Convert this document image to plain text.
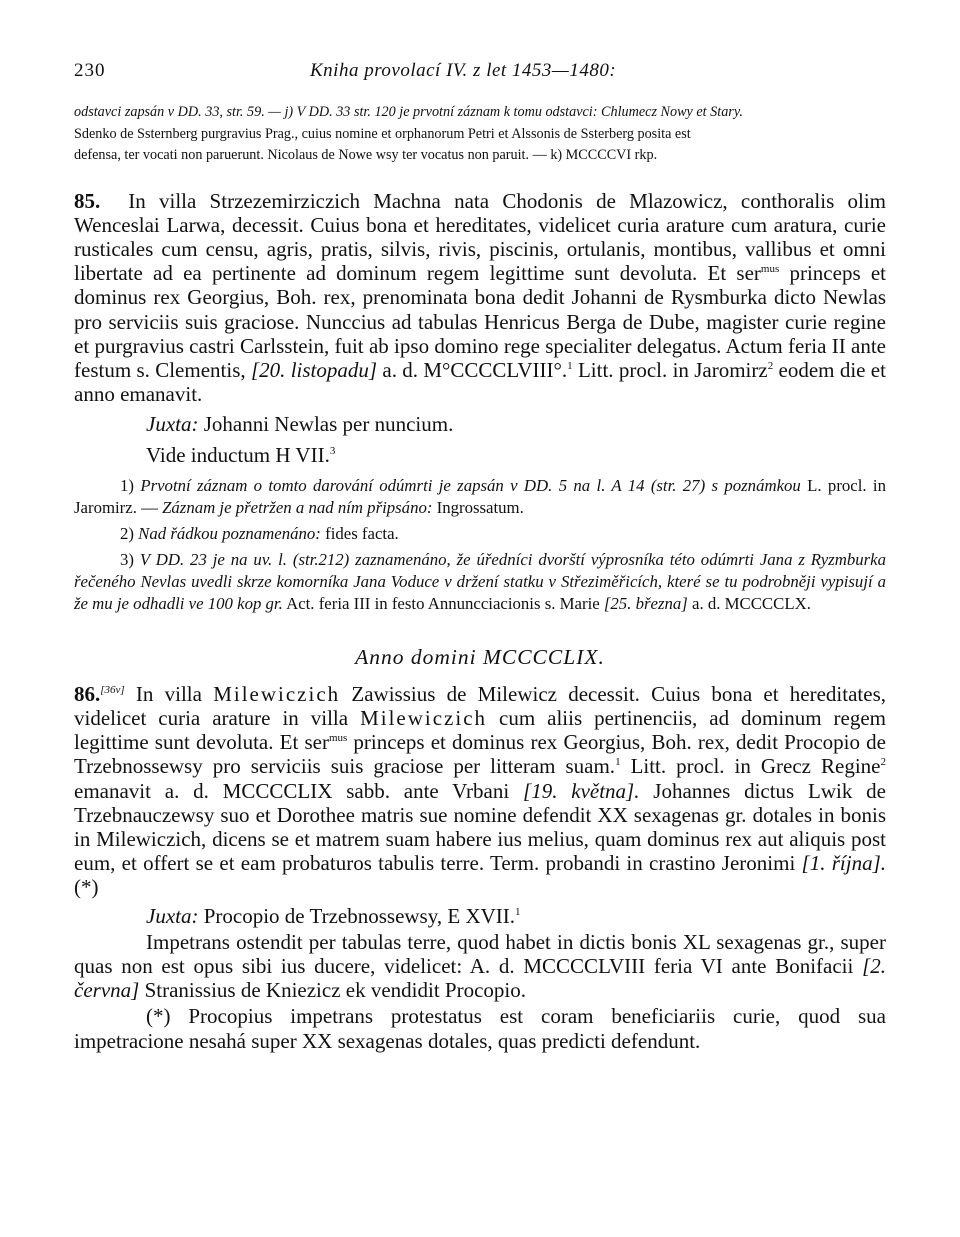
230	Kniha provolací IV. z let 1453—1480:
odstavci zapsán v DD. 33, str. 59. — j) V DD. 33 str. 120 je prvotní záznam k tomu odstavci: Chlumecz Nowy et Stary.
Sdenko de Ssternberg purgravius Prag., cuius nomine et orphanorum Petri et Alssonis de Ssterberg posita est
defensa, ter vocati non paruerunt. Nicolaus de Nowe wsy ter vocatus non paruit. — k) MCCCCVI rkp.

85. In villa Strzezemirziczich Machna nata Chodonis de Mlazowicz, conthoralis olim Wenceslai Larwa, decessit. Cuius bona et hereditates, videlicet curia arature cum aratura, curie rusticales cum censu, agris, pratis, silvis, rivis, piscinis, ortulanis, montibus, vallibus et omni libertate ad ea pertinente ad dominum regem legittime sunt devoluta. Et ser$^{mus}$ princeps et dominus rex Georgius, Boh. rex, prenominata bona dedit Johanni de Rysmburka dicto Newlas pro serviciis suis graciose. Nunccius ad tabulas Henricus Berga de Dube, magister curie regine et purgravius castri Carlsstein, fuit ab ipso domino rege specialiter delegatus. Actum feria II ante festum s. Clementis, [20. listopadu] a. d. M°CCCCLVIII°.$^1$ Litt. procl. in Jaromirz$^2$ eodem die et anno emanavit.

Juxta: Johanni Newlas per nuncium.

Vide inductum H VII.$^3$

1) Prvotní záznam o tomto darování odúmrti je zapsán v DD. 5 na l. A 14 (str. 27) s poznámkou L. procl. in Jaromirz. — Záznam je přetržen a nad ním připsáno: Ingrossatum.

2) Nad řádkou poznamenáno: fides facta.

3) V DD. 23 je na uv. l. (str.212) zaznamenáno, že úředníci dvorští výprosníka této odúmrti Jana z Ryzmburka řečeného Nevlas uvedli skrze komorníka Jana Voduce v držení statku v Střeziměřicích, které se tu podrobněji vypisují a že mu je odhadli ve 100 kop gr. Act. feria III in festo Annuncciacionis s. Marie [25. března] a. d. MCCCCLX.

Anno domini MCCCCLIX.

86.[36v] In villa Milewiczich Zawissius de Milewicz decessit. Cuius bona et hereditates, videlicet curia arature in villa Milewiczich cum aliis pertinenciis, ad dominum regem legittime sunt devoluta. Et ser$^{mus}$ princeps et dominus rex Georgius, Boh. rex, dedit Procopio de Trzebnossewsy pro serviciis suis graciose per litteram suam.$^1$ Litt. procl. in Grecz Regine$^2$ emanavit a. d. MCCCCLIX sabb. ante Vrbani [19. května]. Johannes dictus Lwik de Trzebnauczewsy suo et Dorothee matris sue nomine defendit XX sexagenas gr. dotales in bonis in Milewiczich, dicens se et matrem suam habere ius melius, quam dominus rex aut aliquis post eum, et offert se et eam probaturos tabulis terre. Term. probandi in crastino Jeronimi [1. října].(*)

Juxta: Procopio de Trzebnossewsy, E XVII.$^1$

Impetrans ostendit per tabulas terre, quod habet in dictis bonis XL sexagenas gr., super quas non est opus sibi ius ducere, videlicet: A. d. MCCCCLVIII feria VI ante Bonifacii [2. června] Stranissius de Kniezicz ek vendidit Procopio.

(*) Procopius impetrans protestatus est coram beneficiariis curie, quod sua impetracione nesahá super XX sexagenas dotales, quas predicti defendunt.
